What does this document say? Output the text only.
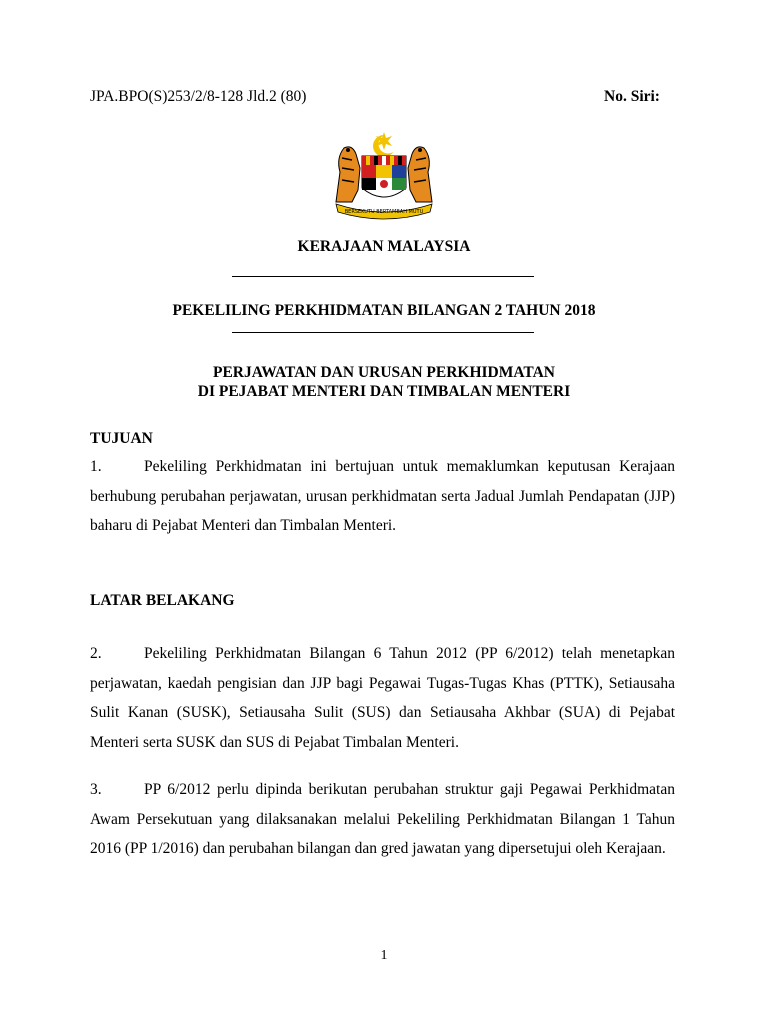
JPA.BPO(S)253/2/8-128 Jld.2 (80)	No. Siri:
BERSEKUTU BERTAMBAH MUTU
KERAJAAN MALAYSIA
PEKELILING PERKHIDMATAN BILANGAN 2 TAHUN 2018
PERJAWATAN DAN URUSAN PERKHIDMATAN
DI PEJABAT MENTERI DAN TIMBALAN MENTERI
TUJUAN

1.	Pekeliling Perkhidmatan ini bertujuan untuk memaklumkan keputusan Kerajaan berhubung perubahan perjawatan, urusan perkhidmatan serta Jadual Jumlah Pendapatan (JJP) baharu di Pejabat Menteri dan Timbalan Menteri.

LATAR BELAKANG

2.	Pekeliling Perkhidmatan Bilangan 6 Tahun 2012 (PP 6/2012) telah menetapkan perjawatan, kaedah pengisian dan JJP bagi Pegawai Tugas-Tugas Khas (PTTK), Setiausaha Sulit Kanan (SUSK), Setiausaha Sulit (SUS) dan Setiausaha Akhbar (SUA) di Pejabat Menteri serta SUSK dan SUS di Pejabat Timbalan Menteri.

3.	PP 6/2012 perlu dipinda berikutan perubahan struktur gaji Pegawai Perkhidmatan Awam Persekutuan yang dilaksanakan melalui Pekeliling Perkhidmatan Bilangan 1 Tahun 2016 (PP 1/2016) dan perubahan bilangan dan gred jawatan yang dipersetujui oleh Kerajaan.

1
